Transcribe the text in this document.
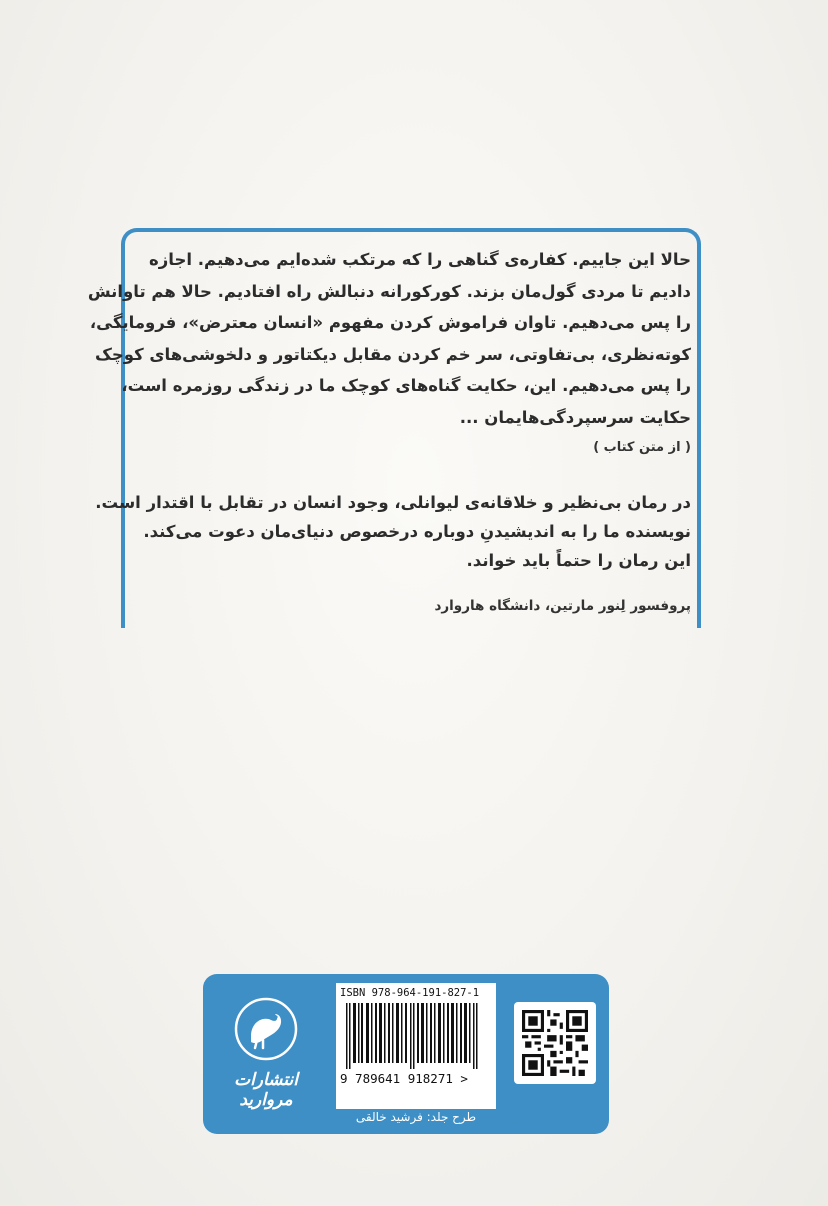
حالا این جاییم. کفاره‌ی گناهی را که مرتکب شده‌ایم می‌دهیم. اجازه
دادیم تا مردی گول‌مان بزند. کورکورانه دنبالش راه افتادیم. حالا هم تاوانش
را پس می‌دهیم. تاوان فراموش کردن مفهوم «انسان معترض»، فرومایگی،
کوته‌نظری، بی‌تفاوتی، سر خم کردن مقابل دیکتاتور و دلخوشی‌های کوچک
را پس می‌دهیم. این، حکایت گناه‌های کوچک ما در زندگی روزمره است،
حکایت سرسپردگی‌هایمان ...
( از متن کتاب )
در رمان بی‌نظیر و خلاقانه‌ی لیوانلی، وجود انسان در تقابل با اقتدار است.
نویسنده ما را به اندیشیدنِ دوباره درخصوص دنیای‌مان دعوت می‌کند.
این رمان را حتماً باید خواند.
پروفسور لِنور مارتین، دانشگاه هاروارد
انتشارات مروارید
ISBN 978-964-191-827-1
9 789641 918271 >
طرح جلد: فرشید خالقی
